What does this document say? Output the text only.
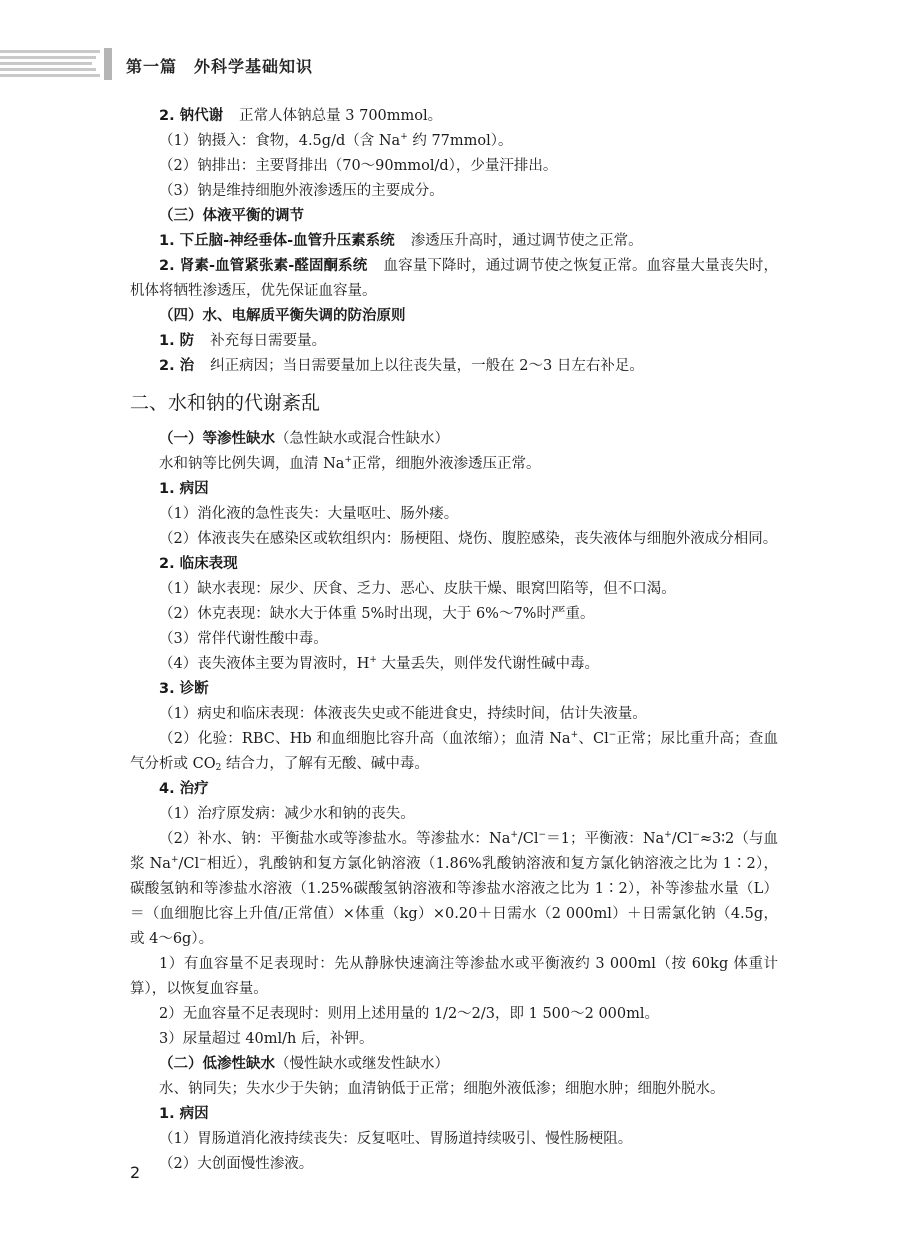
第一篇　外科学基础知识
2. 钠代谢 正常人体钠总量 3 700mmol。
（1）钠摄入：食物，4.5g/d（含 Na+ 约 77mmol）。
（2）钠排出：主要肾排出（70～90mmol/d），少量汗排出。
（3）钠是维持细胞外液渗透压的主要成分。
（三）体液平衡的调节
1. 下丘脑-神经垂体-血管升压素系统 渗透压升高时，通过调节使之正常。
2. 肾素-血管紧张素-醛固酮系统 血容量下降时，通过调节使之恢复正常。血容量大量丧失时，机体将牺牲渗透压，优先保证血容量。
（四）水、电解质平衡失调的防治原则
1. 防 补充每日需要量。
2. 治 纠正病因；当日需要量加上以往丧失量，一般在 2～3 日左右补足。
二、水和钠的代谢紊乱
（一）等渗性缺水（急性缺水或混合性缺水）
水和钠等比例失调，血清 Na+正常，细胞外液渗透压正常。
1. 病因
（1）消化液的急性丧失：大量呕吐、肠外瘘。
（2）体液丧失在感染区或软组织内：肠梗阻、烧伤、腹腔感染，丧失液体与细胞外液成分相同。
2. 临床表现
（1）缺水表现：尿少、厌食、乏力、恶心、皮肤干燥、眼窝凹陷等，但不口渴。
（2）休克表现：缺水大于体重 5%时出现，大于 6%～7%时严重。
（3）常伴代谢性酸中毒。
（4）丧失液体主要为胃液时，H+ 大量丢失，则伴发代谢性碱中毒。
3. 诊断
（1）病史和临床表现：体液丧失史或不能进食史，持续时间，估计失液量。
（2）化验：RBC、Hb 和血细胞比容升高（血浓缩）；血清 Na+、Cl−正常；尿比重升高；查血气分析或 $CO_2$ 结合力，了解有无酸、碱中毒。
4. 治疗
（1）治疗原发病：减少水和钠的丧失。
（2）补水、钠：平衡盐水或等渗盐水。等渗盐水：Na+/Cl−＝1；平衡液：Na+/Cl−≈3∶2（与血浆 Na+/Cl−相近），乳酸钠和复方氯化钠溶液（1.86%乳酸钠溶液和复方氯化钠溶液之比为 1∶2），碳酸氢钠和等渗盐水溶液（1.25%碳酸氢钠溶液和等渗盐水溶液之比为 1∶2），补等渗盐水量（L）＝（血细胞比容上升值/正常值）×体重（kg）×0.20＋日需水（2 000ml）＋日需氯化钠（4.5g，或 4～6g）。
1）有血容量不足表现时：先从静脉快速滴注等渗盐水或平衡液约 3 000ml（按 60kg 体重计算），以恢复血容量。
2）无血容量不足表现时：则用上述用量的 1/2～2/3，即 1 500～2 000ml。
3）尿量超过 40ml/h 后，补钾。
（二）低渗性缺水（慢性缺水或继发性缺水）
水、钠同失；失水少于失钠；血清钠低于正常；细胞外液低渗；细胞水肿；细胞外脱水。
1. 病因
（1）胃肠道消化液持续丧失：反复呕吐、胃肠道持续吸引、慢性肠梗阻。
（2）大创面慢性渗液。
2
